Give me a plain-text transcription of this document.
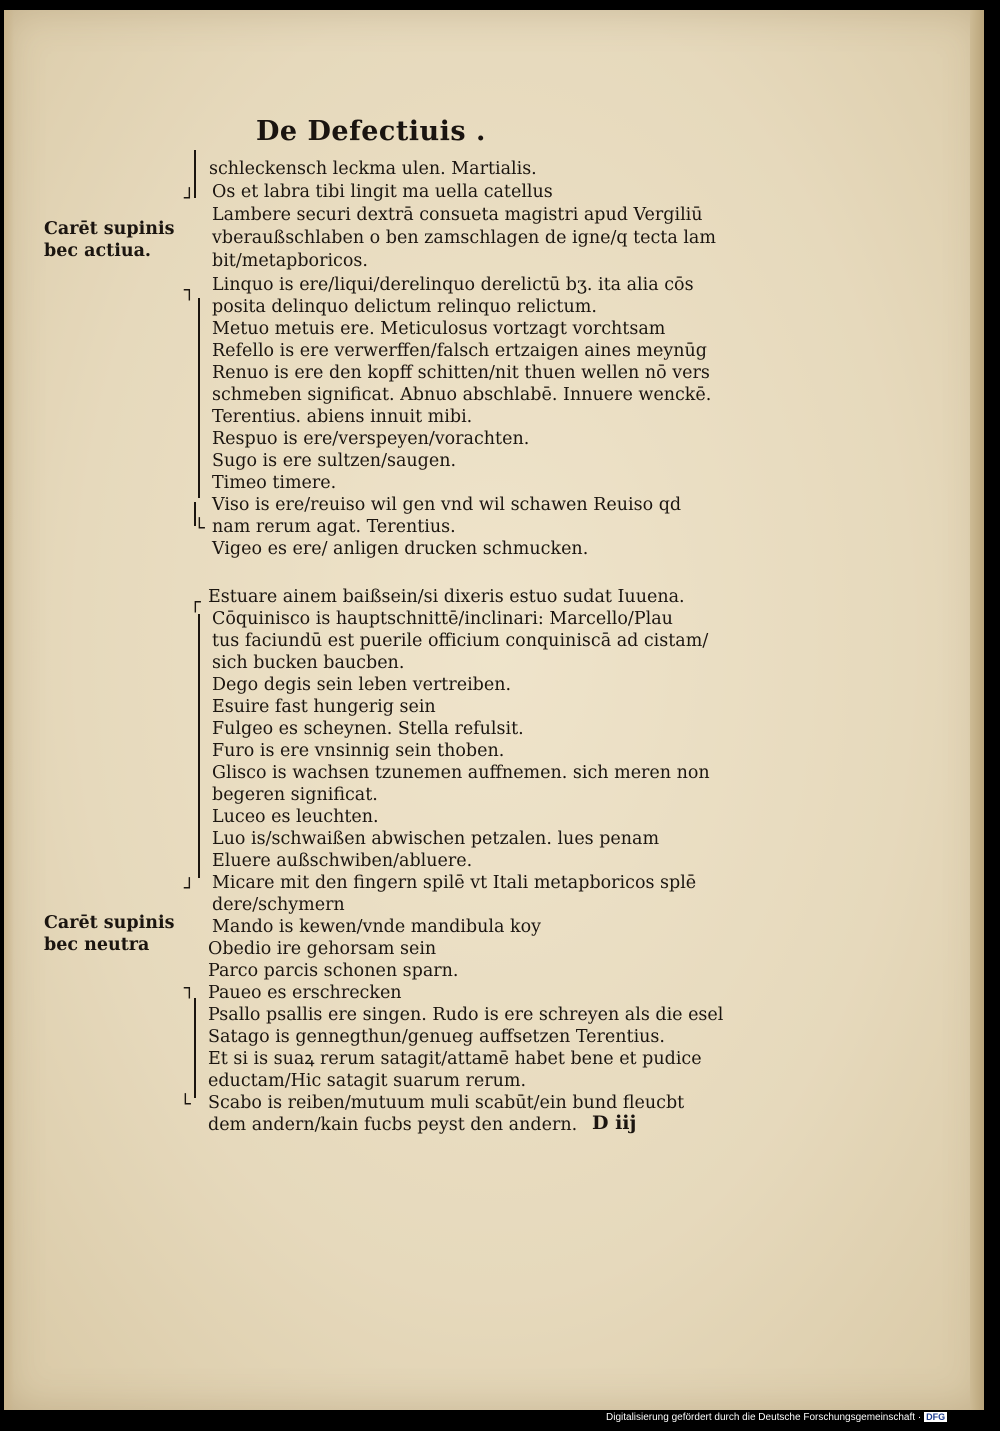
De Defectiuis .
Carēt supinis bec actiua.
Carēt supinis bec neutra
┘
┐
└
┌
┘
┐
└
schleckensch leckma ulen. Martialis.
Os et labra tibi lingit ma uella catellus
Lambere securi dextrā consueta magistri apud Vergiliū
vberaußschlaben o ben zamschlagen de igne/q tecta lam
bit/metapboricos.
Linquo is ere/liqui/derelinquo derelictū bʒ. ita alia cōs
posita delinquo delictum relinquo relictum.
Metuo metuis ere. Meticulosus vortzagt vorchtsam
Refello is ere verwerffen/falsch ertzaigen aines meynūg
Renuo is ere den kopff schitten/nit thuen wellen nō vers
schmeben significat. Abnuo abschlabē. Innuere wenckē.
Terentius. abiens innuit mibi.
Respuo is ere/verspeyen/vorachten.
Sugo is ere sultzen/saugen.
Timeo timere.
Viso is ere/reuiso wil gen vnd wil schawen Reuiso qd
nam rerum agat. Terentius.
Vigeo es ere/ anligen drucken schmucken.
Estuare ainem baißsein/si dixeris estuo sudat Iuuena.
Cōquinisco is hauptschnittē/inclinari: Marcello/Plau
tus faciundū est puerile officium conquiniscā ad cistam/
sich bucken baucben.
Dego degis sein leben vertreiben.
Esuire fast hungerig sein
Fulgeo es scheynen. Stella refulsit.
Furo is ere vnsinnig sein thoben.
Glisco is wachsen tzunemen auffnemen. sich meren non
begeren significat.
Luceo es leuchten.
Luo is/schwaißen abwischen petzalen. lues penam
Eluere außschwiben/abluere.
Micare mit den fingern spilē vt Itali metapboricos splē
dere/schymern
Mando is kewen/vnde mandibula koy
Obedio ire gehorsam sein
Parco parcis schonen sparn.
Paueo es erschrecken
Psallo psallis ere singen. Rudo is ere schreyen als die esel
Satago is gennegthun/genueg auffsetzen Terentius.
Et si is suaꝝ rerum satagit/attamē habet bene et pudice
eductam/Hic satagit suarum rerum.
Scabo is reiben/mutuum muli scabūt/ein bund fleucbt
dem andern/kain fucbs peyst den andern. D iij
Digitalisierung gefördert durch die Deutsche Forschungsgemeinschaft · DFG
